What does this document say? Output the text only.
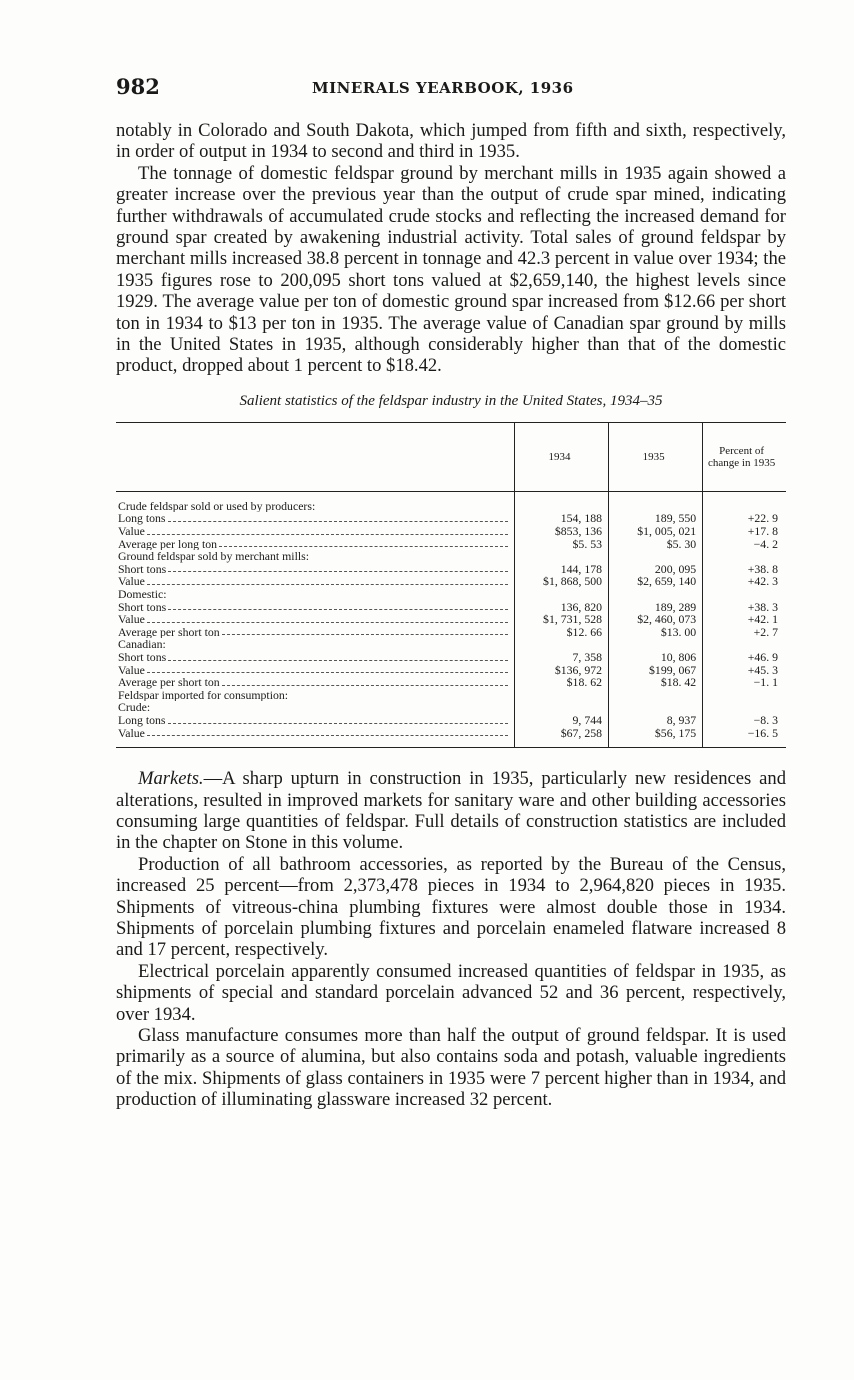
982	MINERALS YEARBOOK, 1936

notably in Colorado and South Dakota, which jumped from fifth and sixth, respectively, in order of output in 1934 to second and third in 1935.

The tonnage of domestic feldspar ground by merchant mills in 1935 again showed a greater increase over the previous year than the output of crude spar mined, indicating further withdrawals of accumulated crude stocks and reflecting the increased demand for ground spar created by awakening industrial activity. Total sales of ground feldspar by merchant mills increased 38.8 percent in tonnage and 42.3 percent in value over 1934; the 1935 figures rose to 200,095 short tons valued at $2,659,140, the highest levels since 1929. The average value per ton of domestic ground spar increased from $12.66 per short ton in 1934 to $13 per ton in 1935. The average value of Canadian spar ground by mills in the United States in 1935, although considerably higher than that of the domestic product, dropped about 1 percent to $18.42.

Salient statistics of the feldspar industry in the United States, 1934–35
	1934	1935	Percent of change in 1935

Crude feldspar sold or used by producers:			

Long tons	154, 188	189, 550	+22. 9

Value	$853, 136	$1, 005, 021	+17. 8

Average per long ton	$5. 53	$5. 30	−4. 2
Ground feldspar sold by merchant mills:			

Short tons	144, 178	200, 095	+38. 8

Value	$1, 868, 500	$2, 659, 140	+42. 3
Domestic:			

Short tons	136, 820	189, 289	+38. 3

Value	$1, 731, 528	$2, 460, 073	+42. 1

Average per short ton	$12. 66	$13. 00	+2. 7
Canadian:			

Short tons	7, 358	10, 806	+46. 9

Value	$136, 972	$199, 067	+45. 3

Average per short ton	$18. 62	$18. 42	−1. 1
Feldspar imported for consumption:			
Crude:			

Long tons	9, 744	8, 937	−8. 3

Value	$67, 258	$56, 175	−16. 5

Markets.—A sharp upturn in construction in 1935, particularly new residences and alterations, resulted in improved markets for sanitary ware and other building accessories consuming large quantities of feldspar. Full details of construction statistics are included in the chapter on Stone in this volume.

Production of all bathroom accessories, as reported by the Bureau of the Census, increased 25 percent—from 2,373,478 pieces in 1934 to 2,964,820 pieces in 1935. Shipments of vitreous-china plumbing fixtures were almost double those in 1934. Shipments of porcelain plumbing fixtures and porcelain enameled flatware increased 8 and 17 percent, respectively.

Electrical porcelain apparently consumed increased quantities of feldspar in 1935, as shipments of special and standard porcelain advanced 52 and 36 percent, respectively, over 1934.

Glass manufacture consumes more than half the output of ground feldspar. It is used primarily as a source of alumina, but also contains soda and potash, valuable ingredients of the mix. Shipments of glass containers in 1935 were 7 percent higher than in 1934, and production of illuminating glassware increased 32 percent.
